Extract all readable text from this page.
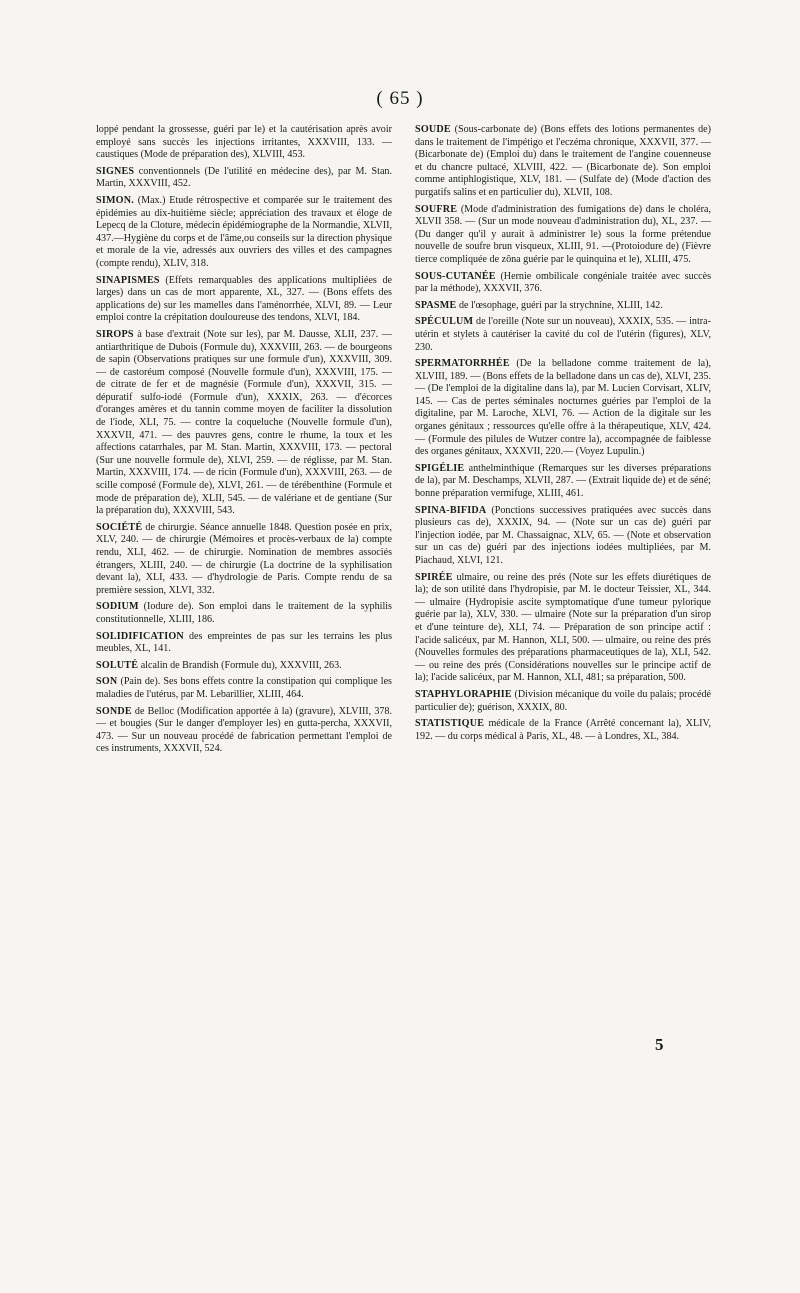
( 65 )

loppé pendant la grossesse, guéri par le) et la cautérisation après avoir employé sans succès les injections irritantes, XXXVIII, 133. — caustiques (Mode de préparation des), XLVIII, 453.

SIGNES conventionnels (De l'utilité en médecine des), par M. Stan. Martin, XXXVIII, 452.

SIMON. (Max.) Etude rétrospective et comparée sur le traitement des épidémies au dix-huitième siècle; appréciation des travaux et éloge de Lepecq de la Cloture, médecin épidémiographe de la Normandie, XLVII, 437.—Hygiène du corps et de l'âme,ou conseils sur la direction physique et morale de la vie, adressés aux ouvriers des villes et des campagnes (compte rendu), XLIV, 318.

SINAPISMES (Effets remarquables des applications multipliées de larges) dans un cas de mort apparente, XL, 327. — (Bons effets des applications de) sur les mamelles dans l'aménorrhée, XLVI, 89. — Leur emploi contre la crépitation douloureuse des tendons, XLVI, 184.

SIROPS à base d'extrait (Note sur les), par M. Dausse, XLII, 237. — antiarthritique de Dubois (Formule du), XXXVIII, 263. — de bourgeons de sapin (Observations pratiques sur une formule d'un), XXXVIII, 309. — de castoréum composé (Nouvelle formule d'un), XXXVIII, 175. — de citrate de fer et de magnésie (Formule d'un), XXXVII, 315. — dépuratif sulfo-iodé (Formule d'un), XXXIX, 263. — d'écorces d'oranges amères et du tannin comme moyen de faciliter la dissolution de l'iode, XLI, 75. — contre la coqueluche (Nouvelle formule d'un), XXXVII, 471. — des pauvres gens, contre le rhume, la toux et les affections catarrhales, par M. Stan. Martin, XXXVIII, 173. — pectoral (Sur une nouvelle formule de), XLVI, 259. — de réglisse, par M. Stan. Martin, XXXVIII, 174. — de ricin (Formule d'un), XXXVIII, 263. — de scille composé (Formule de), XLVI, 261. — de térébenthine (Formule et mode de préparation de), XLII, 545. — de valériane et de gentiane (Sur la préparation du), XXXVIII, 543.

SOCIÉTÉ de chirurgie. Séance annuelle 1848. Question posée en prix, XLV, 240. — de chirurgie (Mémoires et procès-verbaux de la) compte rendu, XLI, 462. — de chirurgie. Nomination de membres associés étrangers, XLIII, 240. — de chirurgie (La doctrine de la syphilisation devant la), XLI, 433. — d'hydrologie de Paris. Compte rendu de sa première session, XLVI, 332.

SODIUM (Iodure de). Son emploi dans le traitement de la syphilis constitutionnelle, XLIII, 186.

SOLIDIFICATION des empreintes de pas sur les terrains les plus meubles, XL, 141.

SOLUTÉ alcalin de Brandish (Formule du), XXXVIII, 263.

SON (Pain de). Ses bons effets contre la constipation qui complique les maladies de l'utérus, par M. Lebarillier, XLIII, 464.

SONDE de Belloc (Modification apportée à la) (gravure), XLVIII, 378. — et bougies (Sur le danger d'employer les) en gutta-percha, XXXVII, 473. — Sur un nouveau procédé de fabrication permettant l'emploi de ces instruments, XXXVII, 524.

SOUDE (Sous-carbonate de) (Bons effets des lotions permanentes de) dans le traitement de l'impétigo et l'eczéma chronique, XXXVII, 377. — (Bicarbonate de) (Emploi du) dans le traitement de l'angine couenneuse et du chancre pultacé, XLVIII, 422. — (Bicarbonate de). Son emploi comme antiphlogistique, XLV, 181. — (Sulfate de) (Mode d'action des purgatifs salins et en particulier du), XLVII, 108.

SOUFRE (Mode d'administration des fumigations de) dans le choléra, XLVII 358. — (Sur un mode nouveau d'administration du), XL, 237. — (Du danger qu'il y aurait à administrer le) sous la forme prétendue nouvelle de soufre brun visqueux, XLIII, 91. —(Protoiodure de) (Fièvre tierce compliquée de zôna guérie par le quinquina et le), XLIII, 475.

SOUS-CUTANÉE (Hernie ombilicale congéniale traitée avec succès par la méthode), XXXVII, 376.

SPASME de l'œsophage, guéri par la strychnine, XLIII, 142.

SPÉCULUM de l'oreille (Note sur un nouveau), XXXIX, 535. — intra-utérin et stylets à cautériser la cavité du col de l'utérin (figures), XLV, 230.

SPERMATORRHÉE (De la belladone comme traitement de la), XLVIII, 189. — (Bons effets de la belladone dans un cas de), XLVI, 235. — (De l'emploi de la digitaline dans la), par M. Lucien Corvisart, XLIV, 145. — Cas de pertes séminales nocturnes guéries par l'emploi de la digitaline, par M. Laroche, XLVI, 76. — Action de la digitale sur les organes génitaux ; ressources qu'elle offre à la thérapeutique, XLV, 424. — (Formule des pilules de Wutzer contre la), accompagnée de faiblesse des organes génitaux, XXXVII, 220.— (Voyez Lupulin.)

SPIGÉLIE anthelminthique (Remarques sur les diverses préparations de la), par M. Deschamps, XLVII, 287. — (Extrait liquide de) et de séné; bonne préparation vermifuge, XLIII, 461.

SPINA-BIFIDA (Ponctions successives pratiquées avec succès dans plusieurs cas de), XXXIX, 94. — (Note sur un cas de) guéri par l'injection iodée, par M. Chassaignac, XLV, 65. — (Note et observation sur un cas de) guéri par des injections iodées multipliées, par M. Piachaud, XLVI, 121.

SPIRÉE ulmaire, ou reine des prés (Note sur les effets diurétiques de la); de son utilité dans l'hydropisie, par M. le docteur Teissier, XL, 344. — ulmaire (Hydropisie ascite symptomatique d'une tumeur pylorique guérie par la), XLV, 330. — ulmaire (Note sur la préparation d'un sirop et d'une teinture de), XLI, 74. — Préparation de son principe actif : l'acide salicéux, par M. Hannon, XLI, 500. — ulmaire, ou reine des prés (Nouvelles formules des préparations pharmaceutiques de la), XLI, 542. — ou reine des prés (Considérations nouvelles sur le principe actif de la); l'acide salicéux, par M. Hannon, XLI, 481; sa préparation, 500.

STAPHYLORAPHIE (Division mécanique du voile du palais; procédé particulier de); guérison, XXXIX, 80.

STATISTIQUE médicale de la France (Arrêté concernant la), XLIV, 192. — du corps médical à Paris, XL, 48. — à Londres, XL, 384.

5
